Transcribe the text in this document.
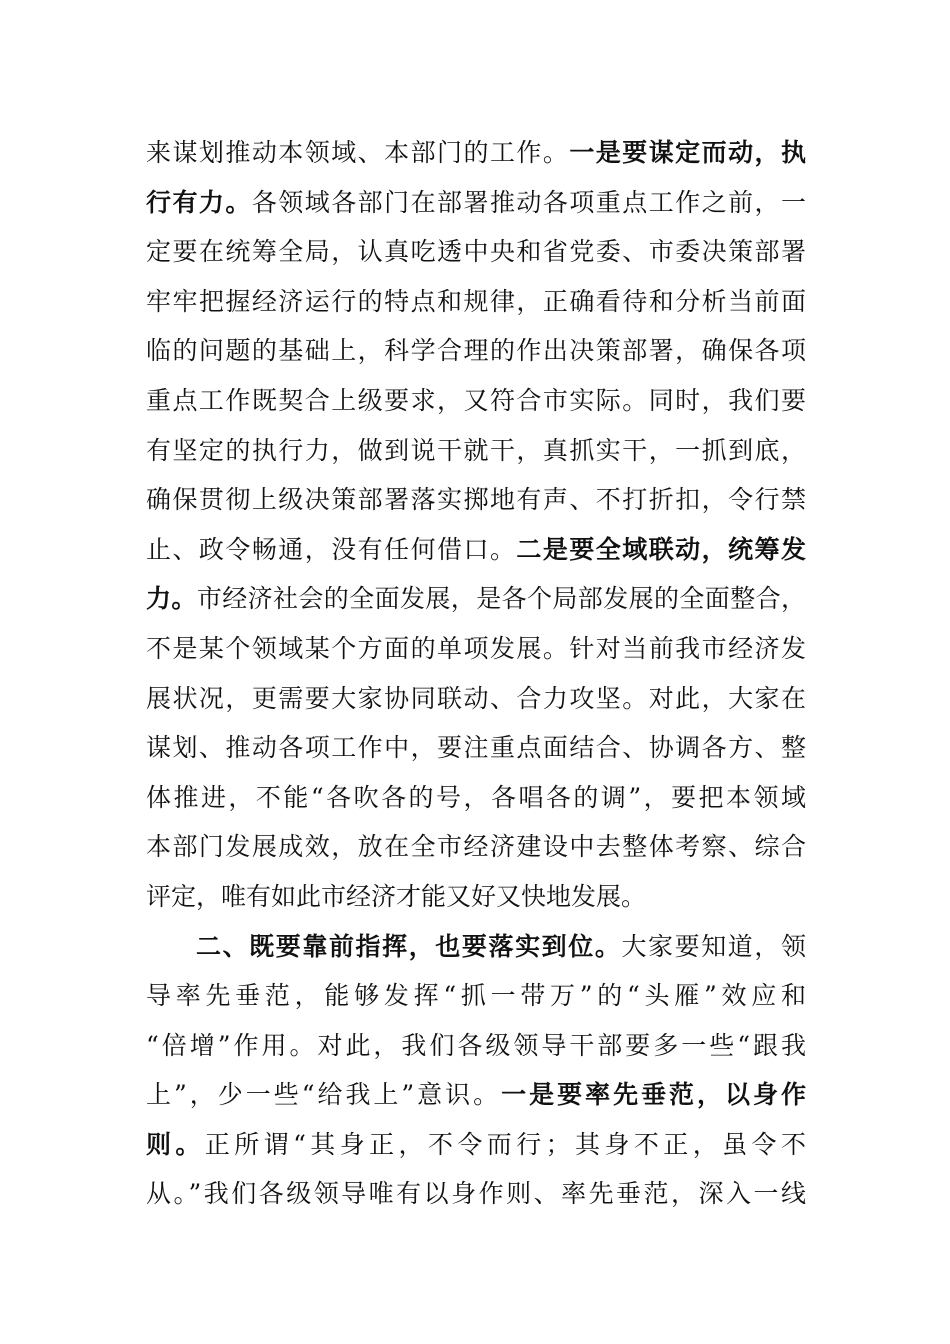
来谋划推动本领域、本部门的工作。一是要谋定而动，执
行有力。各领域各部门在部署推动各项重点工作之前，一
定要在统筹全局，认真吃透中央和省党委、市委决策部署
牢牢把握经济运行的特点和规律，正确看待和分析当前面
临的问题的基础上，科学合理的作出决策部署，确保各项
重点工作既契合上级要求，又符合市实际。同时，我们要
有坚定的执行力，做到说干就干，真抓实干，一抓到底，
确保贯彻上级决策部署落实掷地有声、不打折扣，令行禁
止、政令畅通，没有任何借口。二是要全域联动，统筹发
力。市经济社会的全面发展，是各个局部发展的全面整合，
不是某个领域某个方面的单项发展。针对当前我市经济发
展状况，更需要大家协同联动、合力攻坚。对此，大家在
谋划、推动各项工作中，要注重点面结合、协调各方、整
体推进，不能“各吹各的号，各唱各的调”，要把本领域
本部门发展成效，放在全市经济建设中去整体考察、综合
评定，唯有如此市经济才能又好又快地发展。
二、既要靠前指挥，也要落实到位。大家要知道，领
导率先垂范，能够发挥“抓一带万”的“头雁”效应和
“倍增”作用。对此，我们各级领导干部要多一些“跟我
上”，少一些“给我上”意识。一是要率先垂范，以身作
则。正所谓“其身正，不令而行；其身不正，虽令不
从。”我们各级领导唯有以身作则、率先垂范，深入一线
